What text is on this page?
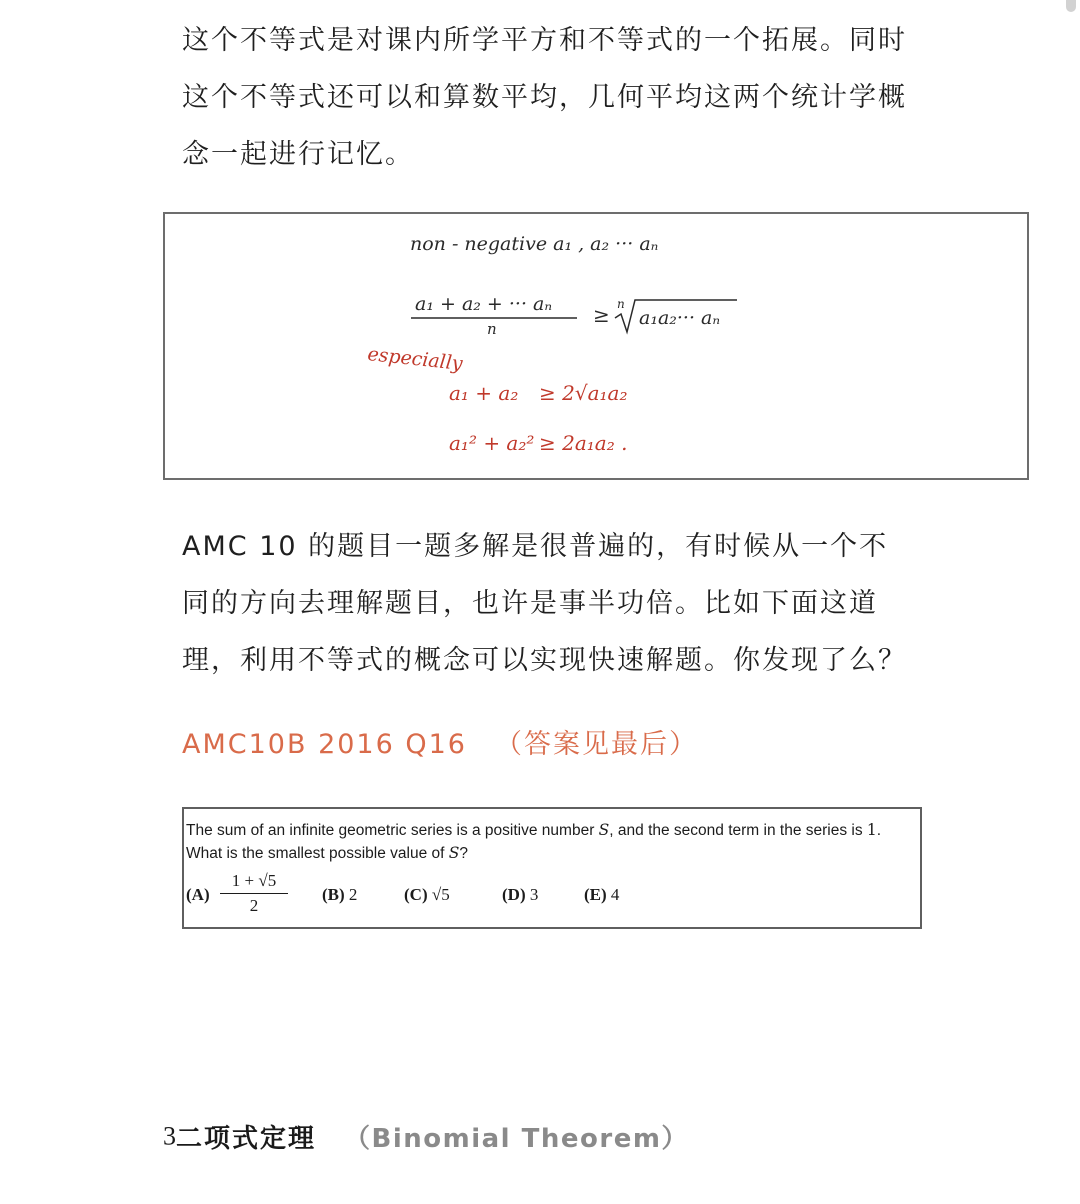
这个不等式是对课内所学平方和不等式的一个拓展。同时这个不等式还可以和算数平均，几何平均这两个统计学概念一起进行记忆。

non - negative a₁ , a₂ ··· aₙ
a₁ + a₂ + ··· aₙ
n
≥ n
a₁a₂··· aₙ
especially
a₁ + a₂ ≥ 2√a₁a₂
a₁² + a₂² ≥ 2a₁a₂ .

AMC 10 的题目一题多解是很普遍的，有时候从一个不同的方向去理解题目，也许是事半功倍。比如下面这道理，利用不等式的概念可以实现快速解题。你发现了么？

AMC10B 2016 Q16 （答案见最后）
The sum of an infinite geometric series is a positive number S, and the second term in the series is 1.
What is the smallest possible value of S?
$(A) \frac{1 + √5}{2} (B)$ 2	(C) √5	(D) 3	(E) 4
3二项式定理 （Binomial Theorem）
